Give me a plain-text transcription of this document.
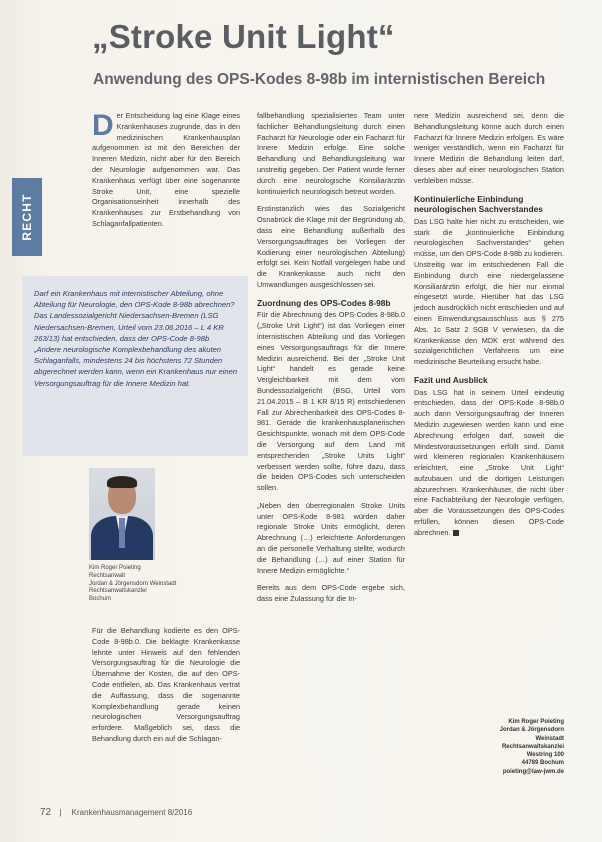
„Stroke Unit Light“
Anwendung des OPS-Kodes 8-98b im internistischen Bereich
RECHT

Der Entscheidung lag eine Klage eines Krankenhauses zugrunde, das in den medizinischen Krankenhausplan aufgenommen ist mit den Bereichen der Inneren Medizin, nicht aber für den Bereich der Neurologie aufgenommen war. Das Krankenhaus verfügt über eine sogenannte Stroke Unit, eine spezielle Organisationseinheit innerhalb des Krankenhauses zur Erstbehandlung von Schlaganfallpatienten.

Darf ein Krankenhaus mit internistischer Abteilung, ohne Abteilung für Neurologie, den OPS-Kode 8-98b abrechnen? Das Landessozialgericht Niedersachsen-Bremen (LSG Niedersachsen-Bremen, Urteil vom 23.06.2016 – L 4 KR 263/13) hat entschieden, dass der OPS-Code 8-98b „Andere neurologische Komplexbehandlung des akuten Schlaganfalls, mindestens 24 bis höchstens 72 Stunden abgerechnet werden kann, wenn ein Krankenhaus nur einen Versorgungsauftrag für die Innere Medizin hat.

Kim Roger Poieting

Rechtsanwalt

Jordan & Jörgensdorn Weinstadt

Rechtsanwaltskanzlei

Bochum

Für die Behandlung kodierte es den OPS-Code 8-98b.0. Die beklagte Krankenkasse lehnte unter Hinweis auf den fehlenden Versorgungsauftrag für die Neurologie die Übernahme der Kosten, die auf den OPS-Code entfielen, ab. Das Krankenhaus vertrat die Auffassung, dass die sogenannte Komplexbehandlung gerade keinen neurologischen Versorgungsauftrag erfordere. Maßgeblich sei, dass die Behandlung durch ein auf die Schlagan-

fallbehandlung spezialisiertes Team unter fachlicher Behandlungsleitung durch einen Facharzt für Neurologie oder ein Facharzt für Innere Medizin erfolge. Eine solche Behandlung und Behandlungsleitung war unstreitig gegeben. Der Patient wurde ferner durch eine neurologische Konsiliarärztin kontinuierlich neurologisch betreut worden.

Erstinstanzlich wies das Sozialgericht Osnabrück die Klage mit der Begründung ab, dass eine Behandlung außerhalb des Versorgungsauftrages bei Vorliegen der Kodierung einer neurologischen Abteilung) erfolgt sei. Kein Notfall vorgelegen habe und die Krankenkasse auch nicht den Umwandlungen ausgeschlossen sei.

Zuordnung des OPS-Codes 8-98b

Für die Abrechnung des OPS-Codes 8-98b.0 („Stroke Unit Light“) ist das Vorliegen einer internistischen Abteilung und das Vorliegen eines Versorgungsauftrags für die Innere Medizin ausreichend. Bei der „Stroke Unit Light“ handelt es gerade keine Vergleichbarkeit mit dem vom Bundessozialgericht (BSG, Urteil vom 21.04.2015 – B 1 KR 8/15 R) entschiedenen Fall zur Abrechenbarkeit des OPS-Codes 8-981. Gerade die krankenhausplanerischen Gesichtspunkte, wonach mit dem OPS-Code die Versorgung auf dem Land mit entsprechenden „Stroke Units Light“ verbessert werden sollte, führe dazu, dass die beiden OPS-Codes sich unterscheiden sollen.

„Neben den überregionalen Stroke Units unter OPS-Kode 8-981 würden daher regionale Stroke Units ermöglicht, deren Abrechnung (…) erleichterte Anforderungen an die personelle Verhaltung stellte, wodurch die Behandlung (…) auf einer Station für Innere Medizin ermöglichte.“

Bereits aus dem OPS-Code ergebe sich, dass eine Zulassung für die In-

nere Medizin ausreichend sei, denn die Behandlungsleitung könne auch durch einen Facharzt für Innere Medizin erfolgen. Es wäre weniger verständlich, wenn ein Facharzt für Innere Medizin die Behandlung leiten darf, dieses aber auf einer neurologischen Station verbleiben müsse.

Kontinuierliche Einbindung neurologischen Sachverstandes

Das LSG halte hier nicht zu entscheiden, wie stark die „kontinuierliche Einbindung neurologischen Sachverstandes“ gehen müsse, um den OPS-Code 8-98b zu kodieren. Unstreitig war im entschiedenen Fall die Einbindung durch eine niedergelassene Konsiliarärztin erfolgt, die hier nur einmal eingesetzt wurde. Hierüber hat das LSG jedoch ausdrücklich nicht entschieden und auf einen Einwendungsausschluss aus § 275 Abs. 1c Satz 2 SGB V verwiesen, da die Krankenkasse den MDK erst während des sozialgerichtlichen Verfahrens um eine medizinische Beurteilung ersucht habe.

Fazit und Ausblick

Das LSG hat in seinem Urteil eindeutig entschieden, dass der OPS-Kode 8-98b.0 auch dann Versorgungsauftrag der Inneren Medizin zugewiesen werden kann und eine Abrechnung erfolgen darf, soweit die Mindestvoraussetzungen erfüllt sind. Damit wird kleineren regionalen Krankenhäusern erleichtert, eine „Stroke Unit Light“ aufzubauen und die dortigen Leistungen abzurechnen. Krankenhäuser, die nicht über eine Fachabteilung der Neurologie verfügen, aber die Voraussetzungen des OPS-Codes erfüllen, können diesen OPS-Code abrechnen.

Kim Roger Poieting

Jordan & Jörgensdorn Weinstadt

Rechtsanwaltskanzlei

Westring 100

44789 Bochum

poieting@law-jwm.de

72 | Krankenhausmanagement 8/2016
